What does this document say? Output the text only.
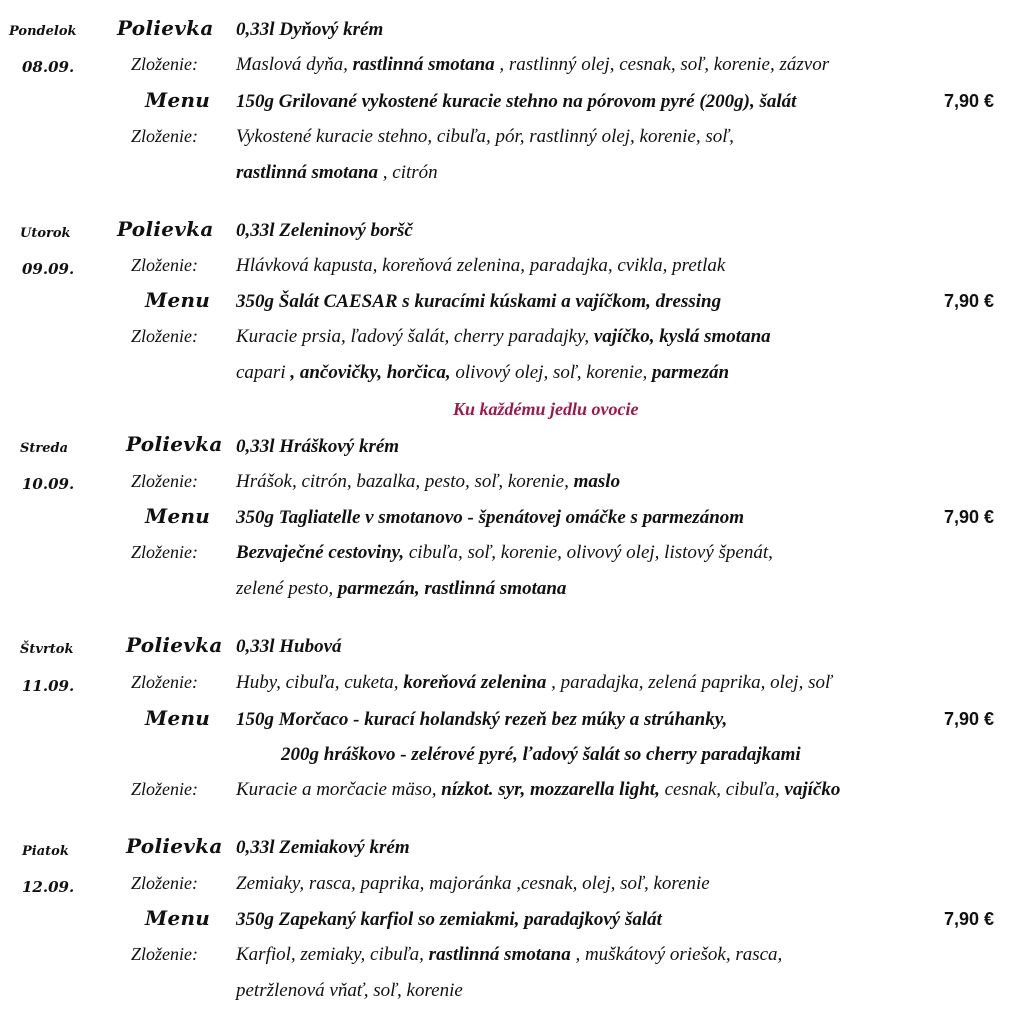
Pondelok
08.09.
Polievka 0,33l Dyňový krém
Zloženie: Maslová dyňa, rastlinná smotana , rastlinný olej, cesnak, soľ, korenie, zázvor
Menu 150g Grilované vykostené kuracie stehno na pórovom pyré (200g), šalát	7,90 €
Zloženie: Vykostené kuracie stehno, cibuľa, pór, rastlinný olej, korenie, soľ,
rastlinná smotana , citrón
Utorok
09.09.
Polievka 0,33l Zeleninový boršč
Zloženie: Hlávková kapusta, koreňová zelenina, paradajka, cvikla, pretlak
Menu 350g Šalát CAESAR s kuracími kúskami a vajíčkom, dressing	7,90 €
Zloženie: Kuracie prsia, ľadový šalát, cherry paradajky, vajíčko, kyslá smotana
capari , ančovičky, horčica, olivový olej, soľ, korenie, parmezán
Ku každému jedlu ovocie
Streda
10.09.
Polievka 0,33l Hráškový krém
Zloženie: Hrášok, citrón, bazalka, pesto, soľ, korenie, maslo
Menu 350g Tagliatelle v smotanovo - špenátovej omáčke s parmezánom	7,90 €
Zloženie: Bezvaječné cestoviny, cibuľa, soľ, korenie, olivový olej, listový špenát,
zelené pesto, parmezán, rastlinná smotana
Štvrtok
11.09.
Polievka 0,33l Hubová
Zloženie: Huby, cibuľa, cuketa, koreňová zelenina , paradajka, zelená paprika, olej, soľ
Menu 150g Morčaco - kurací holandský rezeň bez múky a strúhanky,	7,90 €
200g hráškovo - zelérové pyré, ľadový šalát so cherry paradajkami
Zloženie: Kuracie a morčacie mäso, nízkot. syr, mozzarella light, cesnak, cibuľa, vajíčko
Piatok
12.09.
Polievka 0,33l Zemiakový krém
Zloženie: Zemiaky, rasca, paprika, majoránka ,cesnak, olej, soľ, korenie
Menu 350g Zapekaný karfiol so zemiakmi, paradajkový šalát	7,90 €
Zloženie: Karfiol, zemiaky, cibuľa, rastlinná smotana , muškátový oriešok, rasca,
petržlenová vňať, soľ, korenie
